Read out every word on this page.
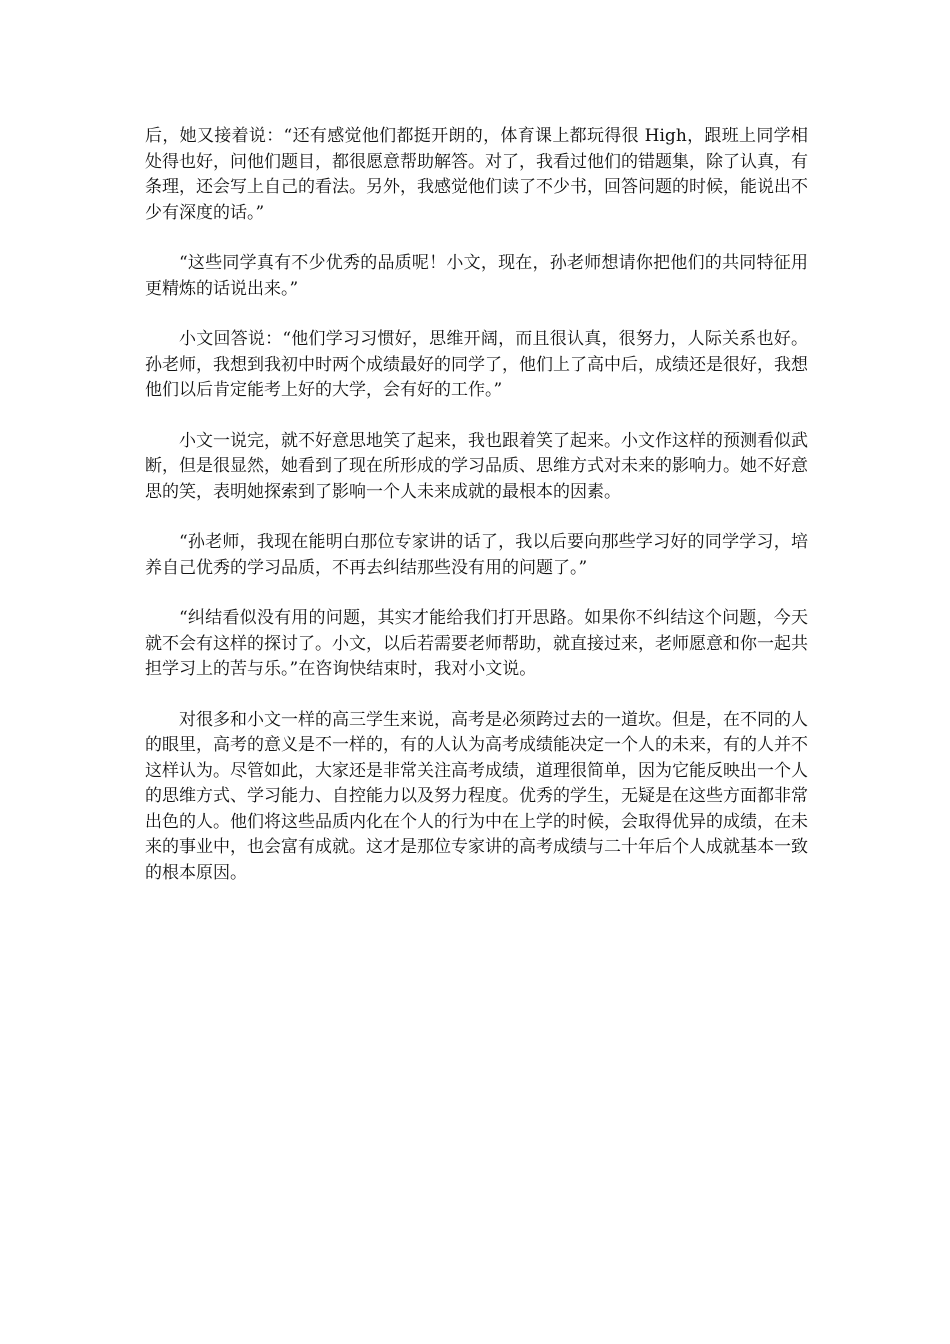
后，她又接着说：“还有感觉他们都挺开朗的，体育课上都玩得很 High，跟班上同学相处得也好，问他们题目，都很愿意帮助解答。对了，我看过他们的错题集，除了认真，有条理，还会写上自己的看法。另外，我感觉他们读了不少书，回答问题的时候，能说出不少有深度的话。”

“这些同学真有不少优秀的品质呢！小文，现在，孙老师想请你把他们的共同特征用更精炼的话说出来。”

小文回答说：“他们学习习惯好，思维开阔，而且很认真，很努力，人际关系也好。孙老师，我想到我初中时两个成绩最好的同学了，他们上了高中后，成绩还是很好，我想他们以后肯定能考上好的大学，会有好的工作。”

小文一说完，就不好意思地笑了起来，我也跟着笑了起来。小文作这样的预测看似武断，但是很显然，她看到了现在所形成的学习品质、思维方式对未来的影响力。她不好意思的笑，表明她探索到了影响一个人未来成就的最根本的因素。

“孙老师，我现在能明白那位专家讲的话了，我以后要向那些学习好的同学学习，培养自己优秀的学习品质，不再去纠结那些没有用的问题了。”

“纠结看似没有用的问题，其实才能给我们打开思路。如果你不纠结这个问题，今天就不会有这样的探讨了。小文，以后若需要老师帮助，就直接过来，老师愿意和你一起共担学习上的苦与乐。”在咨询快结束时，我对小文说。

对很多和小文一样的高三学生来说，高考是必须跨过去的一道坎。但是，在不同的人的眼里，高考的意义是不一样的，有的人认为高考成绩能决定一个人的未来，有的人并不这样认为。尽管如此，大家还是非常关注高考成绩，道理很简单，因为它能反映出一个人的思维方式、学习能力、自控能力以及努力程度。优秀的学生，无疑是在这些方面都非常出色的人。他们将这些品质内化在个人的行为中在上学的时候，会取得优异的成绩，在未来的事业中，也会富有成就。这才是那位专家讲的高考成绩与二十年后个人成就基本一致的根本原因。
